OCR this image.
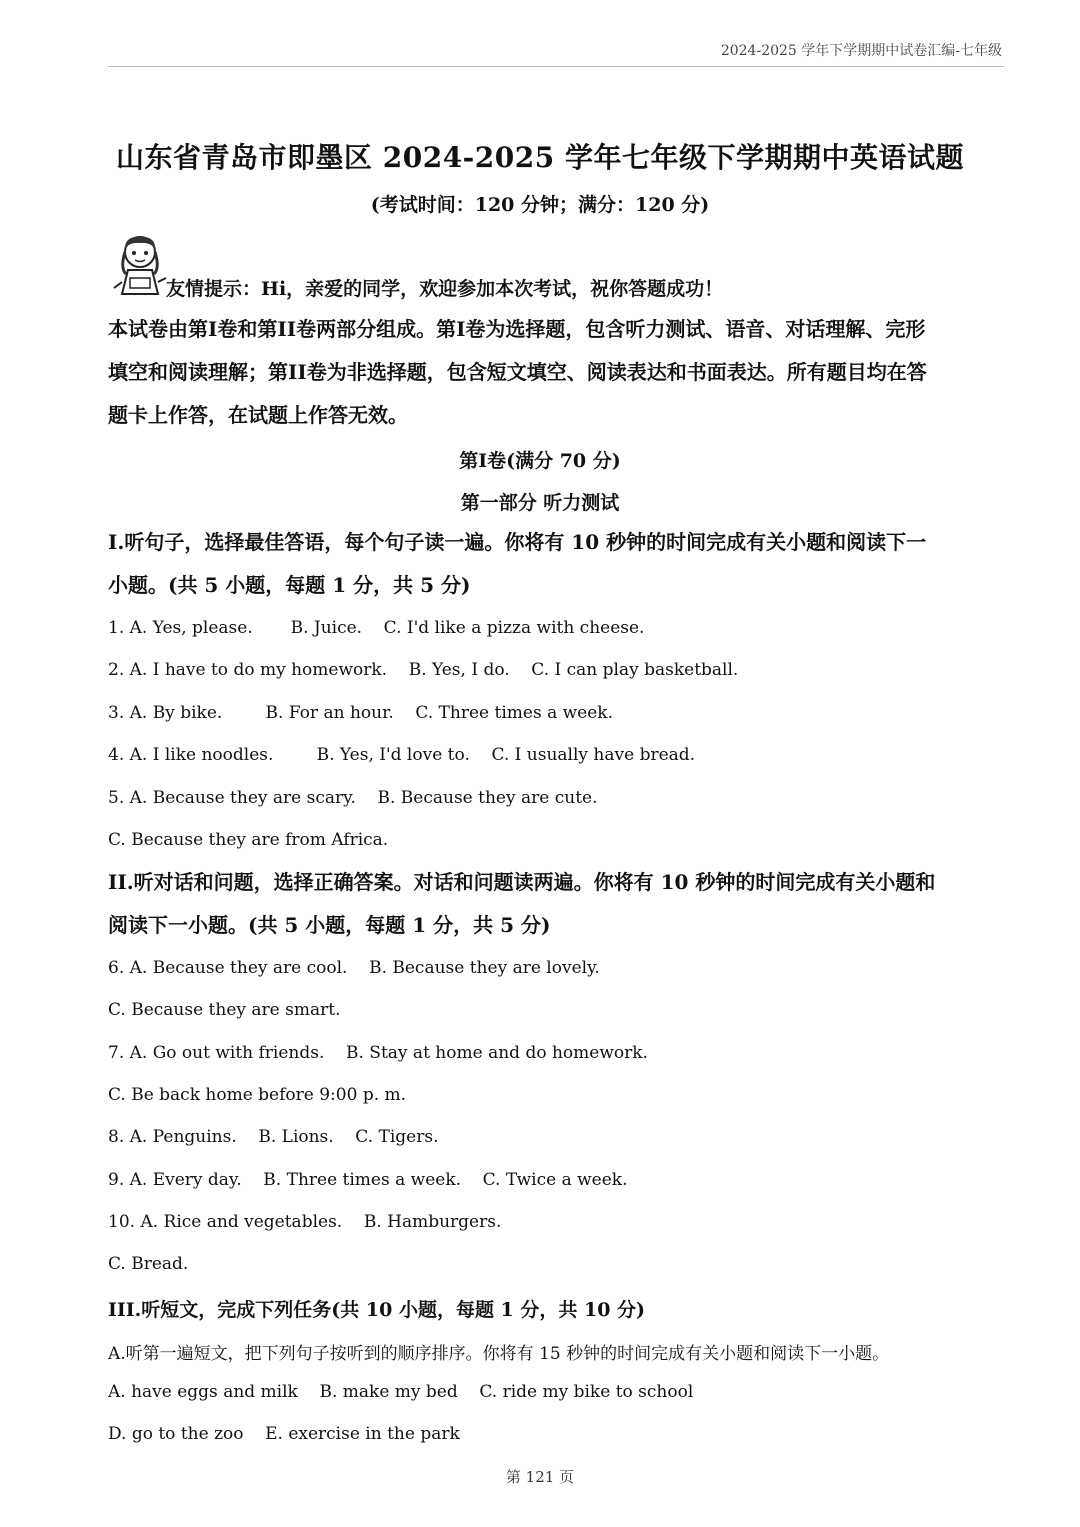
2024-2025 学年下学期期中试卷汇编-七年级
山东省青岛市即墨区 2024-2025 学年七年级下学期期中英语试题
(考试时间：120 分钟；满分：120 分)
友情提示：Hi，亲爱的同学，欢迎参加本次考试，祝你答题成功！
本试卷由第I卷和第II卷两部分组成。第I卷为选择题，包含听力测试、语音、对话理解、完形
填空和阅读理解；第II卷为非选择题，包含短文填空、阅读表达和书面表达。所有题目均在答
题卡上作答，在试题上作答无效。
第I卷(满分 70 分)
第一部分 听力测试
I.听句子，选择最佳答语，每个句子读一遍。你将有 10 秒钟的时间完成有关小题和阅读下一
小题。(共 5 小题，每题 1 分，共 5 分)
1. A. Yes, please.       B. Juice.    C. I'd like a pizza with cheese.
2. A. I have to do my homework.    B. Yes, I do.    C. I can play basketball.
3. A. By bike.        B. For an hour.    C. Three times a week.
4. A. I like noodles.        B. Yes, I'd love to.    C. I usually have bread.
5. A. Because they are scary.    B. Because they are cute.
C. Because they are from Africa.
II.听对话和问题，选择正确答案。对话和问题读两遍。你将有 10 秒钟的时间完成有关小题和
阅读下一小题。(共 5 小题，每题 1 分，共 5 分)
6. A. Because they are cool.    B. Because they are lovely.
C. Because they are smart.
7. A. Go out with friends.    B. Stay at home and do homework.
C. Be back home before 9:00 p. m.
8. A. Penguins.    B. Lions.    C. Tigers.
9. A. Every day.    B. Three times a week.    C. Twice a week.
10. A. Rice and vegetables.    B. Hamburgers.
C. Bread.
III.听短文，完成下列任务(共 10 小题，每题 1 分，共 10 分)
A.听第一遍短文，把下列句子按听到的顺序排序。你将有 15 秒钟的时间完成有关小题和阅读下一小题。
A. have eggs and milk    B. make my bed    C. ride my bike to school
D. go to the zoo    E. exercise in the park
第 121 页
